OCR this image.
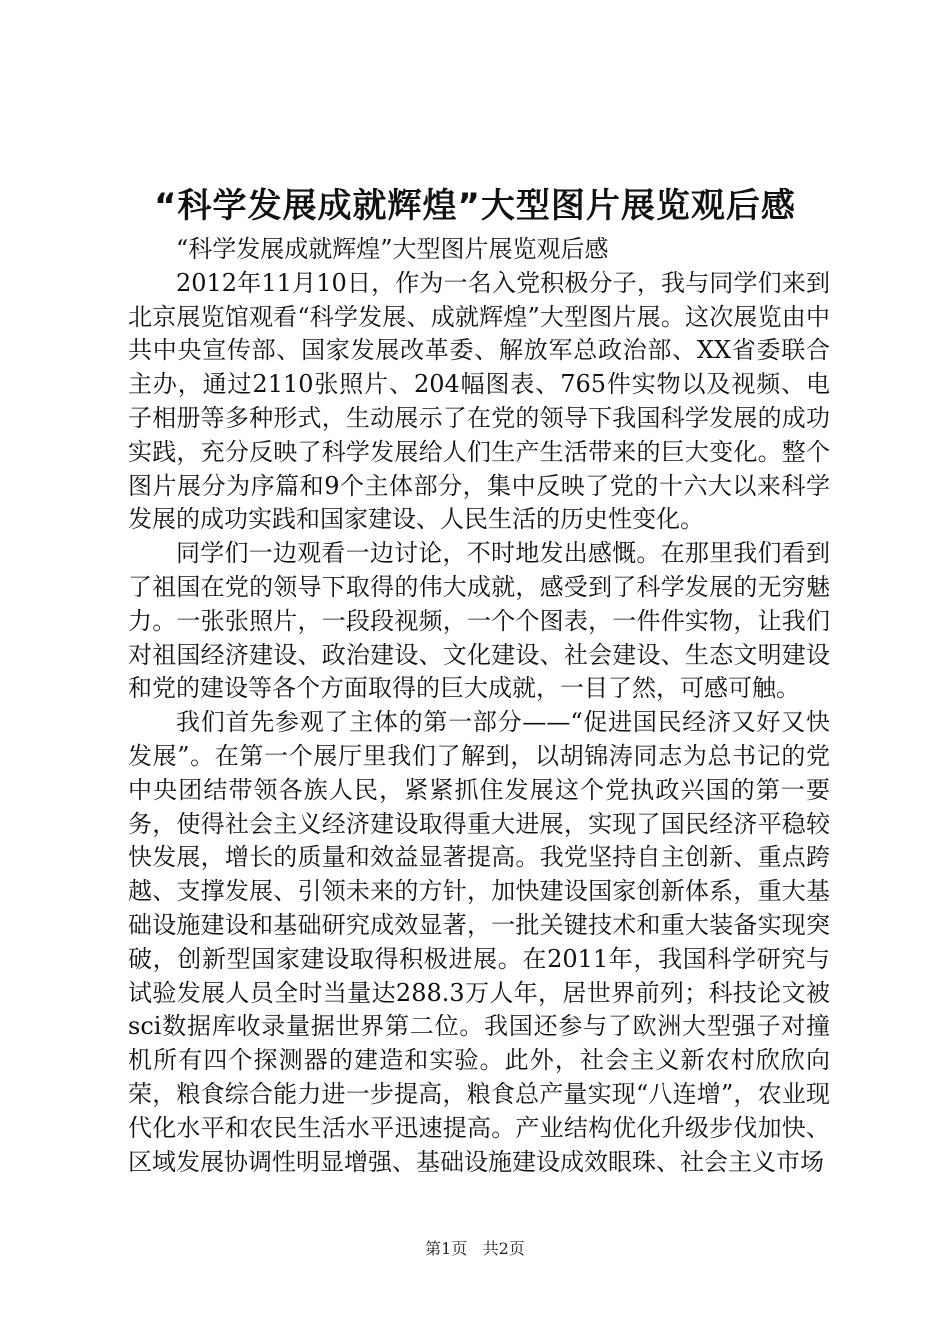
“科学发展成就辉煌”大型图片展览观后感

“科学发展成就辉煌”大型图片展览观后感

2012年11月10日，作为一名入党积极分子，我与同学们来到北京展览馆观看“科学发展、成就辉煌”大型图片展。这次展览由中共中央宣传部、国家发展改革委、解放军总政治部、XX省委联合主办，通过2110张照片、204幅图表、765件实物以及视频、电子相册等多种形式，生动展示了在党的领导下我国科学发展的成功实践，充分反映了科学发展给人们生产生活带来的巨大变化。整个图片展分为序篇和9个主体部分，集中反映了党的十六大以来科学发展的成功实践和国家建设、人民生活的历史性变化。

同学们一边观看一边讨论，不时地发出感慨。在那里我们看到了祖国在党的领导下取得的伟大成就，感受到了科学发展的无穷魅力。一张张照片，一段段视频，一个个图表，一件件实物，让我们对祖国经济建设、政治建设、文化建设、社会建设、生态文明建设和党的建设等各个方面取得的巨大成就，一目了然，可感可触。

我们首先参观了主体的第一部分——“促进国民经济又好又快发展”。在第一个展厅里我们了解到，以胡锦涛同志为总书记的党中央团结带领各族人民，紧紧抓住发展这个党执政兴国的第一要务，使得社会主义经济建设取得重大进展，实现了国民经济平稳较快发展，增长的质量和效益显著提高。我党坚持自主创新、重点跨越、支撑发展、引领未来的方针，加快建设国家创新体系，重大基础设施建设和基础研究成效显著，一批关键技术和重大装备实现突破，创新型国家建设取得积极进展。在2011年，我国科学研究与试验发展人员全时当量达288.3万人年，居世界前列；科技论文被sci数据库收录量据世界第二位。我国还参与了欧洲大型强子对撞机所有四个探测器的建造和实验。此外，社会主义新农村欣欣向荣，粮食综合能力进一步提高，粮食总产量实现“八连增”，农业现代化水平和农民生活水平迅速提高。产业结构优化升级步伐加快、区域发展协调性明显增强、基础设施建设成效眼珠、社会主义市场

第1页 共2页
